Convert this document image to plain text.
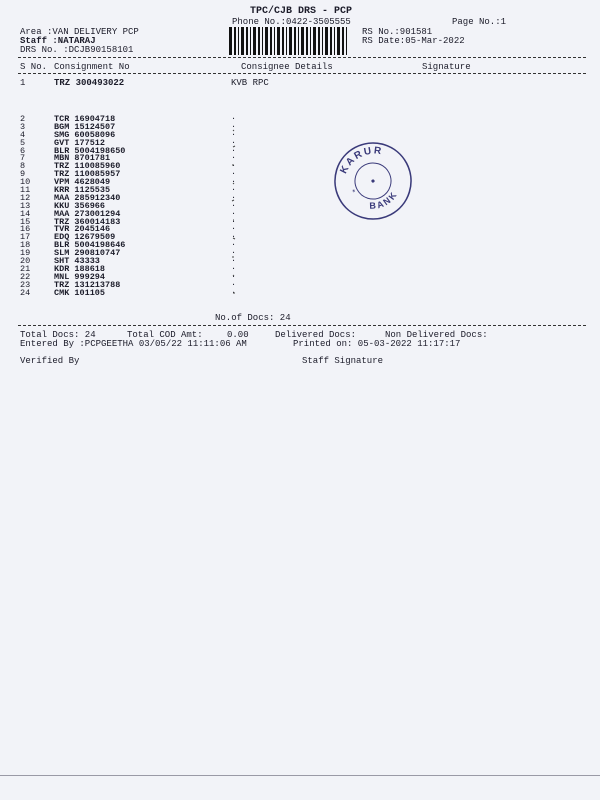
TPC/CJB DRS - PCP
Phone No.:0422-3505555	Page No.:1
Area :VAN DELIVERY PCP
Staff :NATARAJ
DRS No. :DCJB90158101
RS No.:901581
RS Date:05-Mar-2022
S No. Consignment No	Consignee Details	Signature
1	TRZ 300493022	KVB RPC
2	TCR 16904718	.
3	BGM 15124507	.
4	SMG 60058096	.
5	GVT 177512	.
6	BLR 5004198650	.
7	MBN 8701781	.
8	TRZ 110085960	.
9	TRZ 110085957	.
10	VPM 4628049	.
11	KRR 1125535	.
12	MAA 285912340	.
13	KKU 356966	.
14	MAA 273001294	.
15	TRZ 360014183	.
16	TVR 2045146	.
17	EDQ 12679509	.
18	BLR 5004198646	.
19	SLM 290810747	.
20	SHT 43333	.
21	KDR 188618	.
22	MNL 999294	.
23	TRZ 131213788	.
24	CMK 101105	.
No.of Docs: 24
Total Docs: 24	Total COD Amt:	0.00	Delivered Docs:	Non Delivered Docs:
Entered By :PCPGEETHA 03/05/22 11:11:06 AM	Printed on: 05-03-2022 11:17:17
Verified By	Staff Signature
KARUR
BANK
*
